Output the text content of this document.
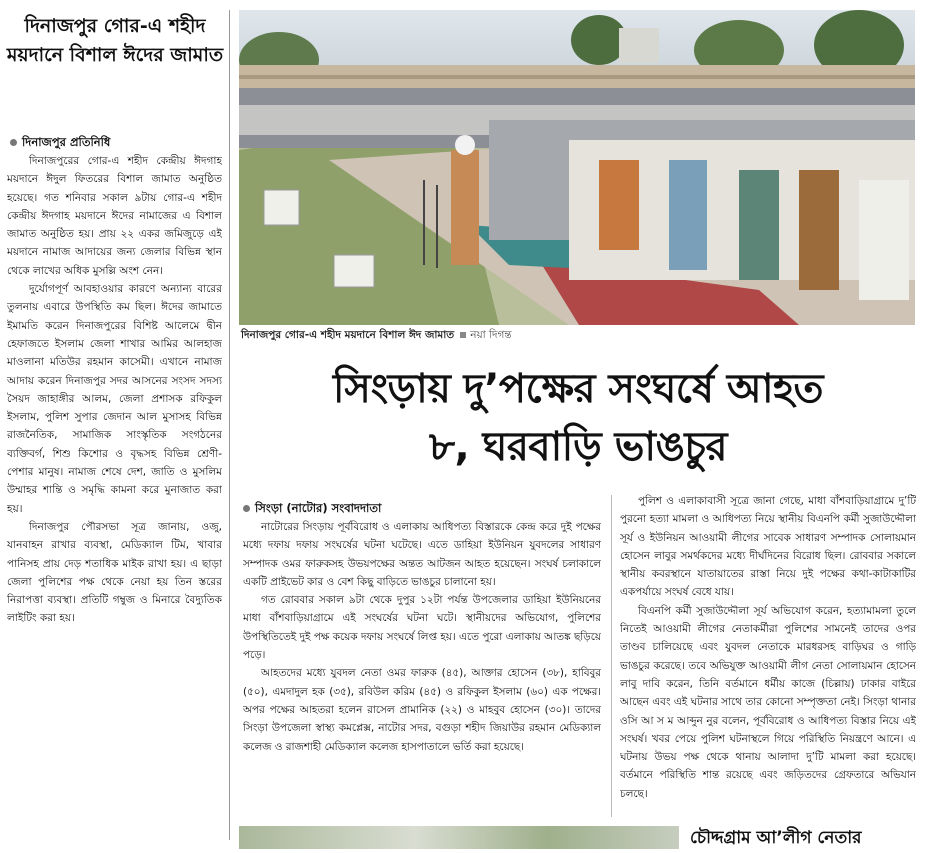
দিনাজপুর গোর-এ শহীদ ময়দানে বিশাল ঈদের জামাত
দিনাজপুর প্রতিনিধি

দিনাজপুরের গোর-এ শহীদ কেন্দ্রীয় ঈদগাহ ময়দানে ঈদুল ফিতরের বিশাল জামাত অনুষ্ঠিত হয়েছে। গত শনিবার সকাল ৯টায় গোর-এ শহীদ কেন্দ্রীয় ঈদগাহ ময়দানে ঈদের নামাজের এ বিশাল জামাত অনুষ্ঠিত হয়। প্রায় ২২ একর জমিজুড়ে এই ময়দানে নামাজ আদায়ের জন্য জেলার বিভিন্ন স্থান থেকে লাখের অধিক মুসল্লি অংশ নেন।

দুর্যোগপূর্ণ আবহাওয়ার কারণে অন্যান্য বারের তুলনায় এবারে উপস্থিতি কম ছিল। ঈদের জামাতে ইমামতি করেন দিনাজপুরের বিশিষ্ট আলেমে দ্বীন হেফাজতে ইসলাম জেলা শাখার আমির আলহাজ মাওলানা মতিউর রহমান কাসেমী। এখানে নামাজ আদায় করেন দিনাজপুর সদর আসনের সংসদ সদস্য সৈয়দ জাহাঙ্গীর আলম, জেলা প্রশাসক রফিকুল ইসলাম, পুলিশ সুপার জেদান আল মুসাসহ বিভিন্ন রাজনৈতিক, সামাজিক সাংস্কৃতিক সংগঠনের ব্যক্তিবর্গ, শিশু কিশোর ও বৃদ্ধসহ বিভিন্ন শ্রেণী-পেশার মানুষ। নামাজ শেষে দেশ, জাতি ও মুসলিম উম্মাহর শান্তি ও সমৃদ্ধি কামনা করে মুনাজাত করা হয়।

দিনাজপুর পৌরসভা সূত্র জানায়, ওজু, যানবাহন রাখার ব্যবস্থা, মেডিক্যাল টিম, খাবার পানিসহ প্রায় দেড় শতাধিক মাইক রাখা হয়। এ ছাড়া জেলা পুলিশের পক্ষ থেকে নেয়া হয় তিন স্তরের নিরাপত্তা ব্যবস্থা। প্রতিটি গম্বুজ ও মিনারে বৈদ্যুতিক লাইটিং করা হয়।

দিনাজপুর গোর-এ শহীদ ময়দানে বিশাল ঈদ জামাত নয়া দিগন্ত
সিংড়ায় দু’পক্ষের সংঘর্ষে আহত
৮, ঘরবাড়ি ভাঙচুর
সিংড়া (নাটোর) সংবাদদাতা

নাটোরের সিংড়ায় পূর্ববিরোধ ও এলাকায় আধিপত্য বিস্তারকে কেন্দ্র করে দুই পক্ষের মধ্যে দফায় দফায় সংঘর্ষের ঘটনা ঘটেছে। এতে ডাহিয়া ইউনিয়ন যুবদলের সাধারণ সম্পাদক ওমর ফারুকসহ উভয়পক্ষের অন্তত আটজন আহত হয়েছেন। সংঘর্ষ চলাকালে একটি প্রাইভেট কার ও বেশ কিছু বাড়িতে ভাঙচুর চালানো হয়।

গত রোববার সকাল ৯টা থেকে দুপুর ১২টা পর্যন্ত উপজেলার ডাহিয়া ইউনিয়নের মাধা বাঁশবাড়িয়াগ্রামে এই সংঘর্ষের ঘটনা ঘটে। স্থানীয়দের অভিযোগ, পুলিশের উপস্থিতিতেই দুই পক্ষ কয়েক দফায় সংঘর্ষে লিপ্ত হয়। এতে পুরো এলাকায় আতঙ্ক ছড়িয়ে পড়ে।

আহতদের মধ্যে যুবদল নেতা ওমর ফারুক (৪৫), আক্তার হোসেন (৩৮), হাবিবুর (৫০), এমদাদুল হক (৩৫), রবিউল করিম (৪৫) ও রফিকুল ইসলাম (৬০) এক পক্ষের। অপর পক্ষের আহতরা হলেন রাসেল প্রামানিক (২২) ও মাহবুব হোসেন (৩০)। তাদের সিংড়া উপজেলা স্বাস্থ্য কমপ্লেক্স, নাটোর সদর, বগুড়া শহীদ জিয়াউর রহমান মেডিক্যাল কলেজ ও রাজশাহী মেডিক্যাল কলেজ হাসপাতালে ভর্তি করা হয়েছে।

পুলিশ ও এলাকাবাসী সূত্রে জানা গেছে, মাধা বাঁশবাড়িয়াগ্রামে দু’টি পুরনো হত্যা মামলা ও আধিপত্য নিয়ে স্থানীয় বিএনপি কর্মী সুজাউদ্দৌলা সূর্য ও ইউনিয়ন আওয়ামী লীগের সাবেক সাধারণ সম্পাদক সোলায়মান হোসেন লাবুর সমর্থকদের মধ্যে দীর্ঘদিনের বিরোধ ছিল। রোববার সকালে স্থানীয় কবরস্থানে যাতায়াতের রাস্তা নিয়ে দুই পক্ষের কথা-কাটাকাটির একপর্যায়ে সংঘর্ষ বেধে যায়।

বিএনপি কর্মী সুজাউদ্দৌলা সূর্য অভিযোগ করেন, হত্যামামলা তুলে নিতেই আওয়ামী লীগের নেতাকর্মীরা পুলিশের সামনেই তাদের ওপর তাণ্ডব চালিয়েছে এবং যুবদল নেতাকে মারধরসহ বাড়িঘর ও গাড়ি ভাঙচুর করেছে। তবে অভিযুক্ত আওয়ামী লীগ নেতা সোলায়মান হোসেন লাবু দাবি করেন, তিনি বর্তমানে ধর্মীয় কাজে (চিল্লায়) ঢাকার বাইরে আছেন এবং এই ঘটনার সাথে তার কোনো সম্পৃক্ততা নেই। সিংড়া থানার ওসি আ স ম আব্দুন নুর বলেন, পূর্ববিরোধ ও আধিপত্য বিস্তার নিয়ে এই সংঘর্ষ। খবর পেয়ে পুলিশ ঘটনাস্থলে গিয়ে পরিস্থিতি নিয়ন্ত্রণে আনে। এ ঘটনায় উভয় পক্ষ থেকে থানায় আলাদা দু’টি মামলা করা হয়েছে। বর্তমানে পরিস্থিতি শান্ত রয়েছে এবং জড়িতদের গ্রেফতারে অভিযান চলছে।

চৌদ্দগ্রাম আ’লীগ নেতার
